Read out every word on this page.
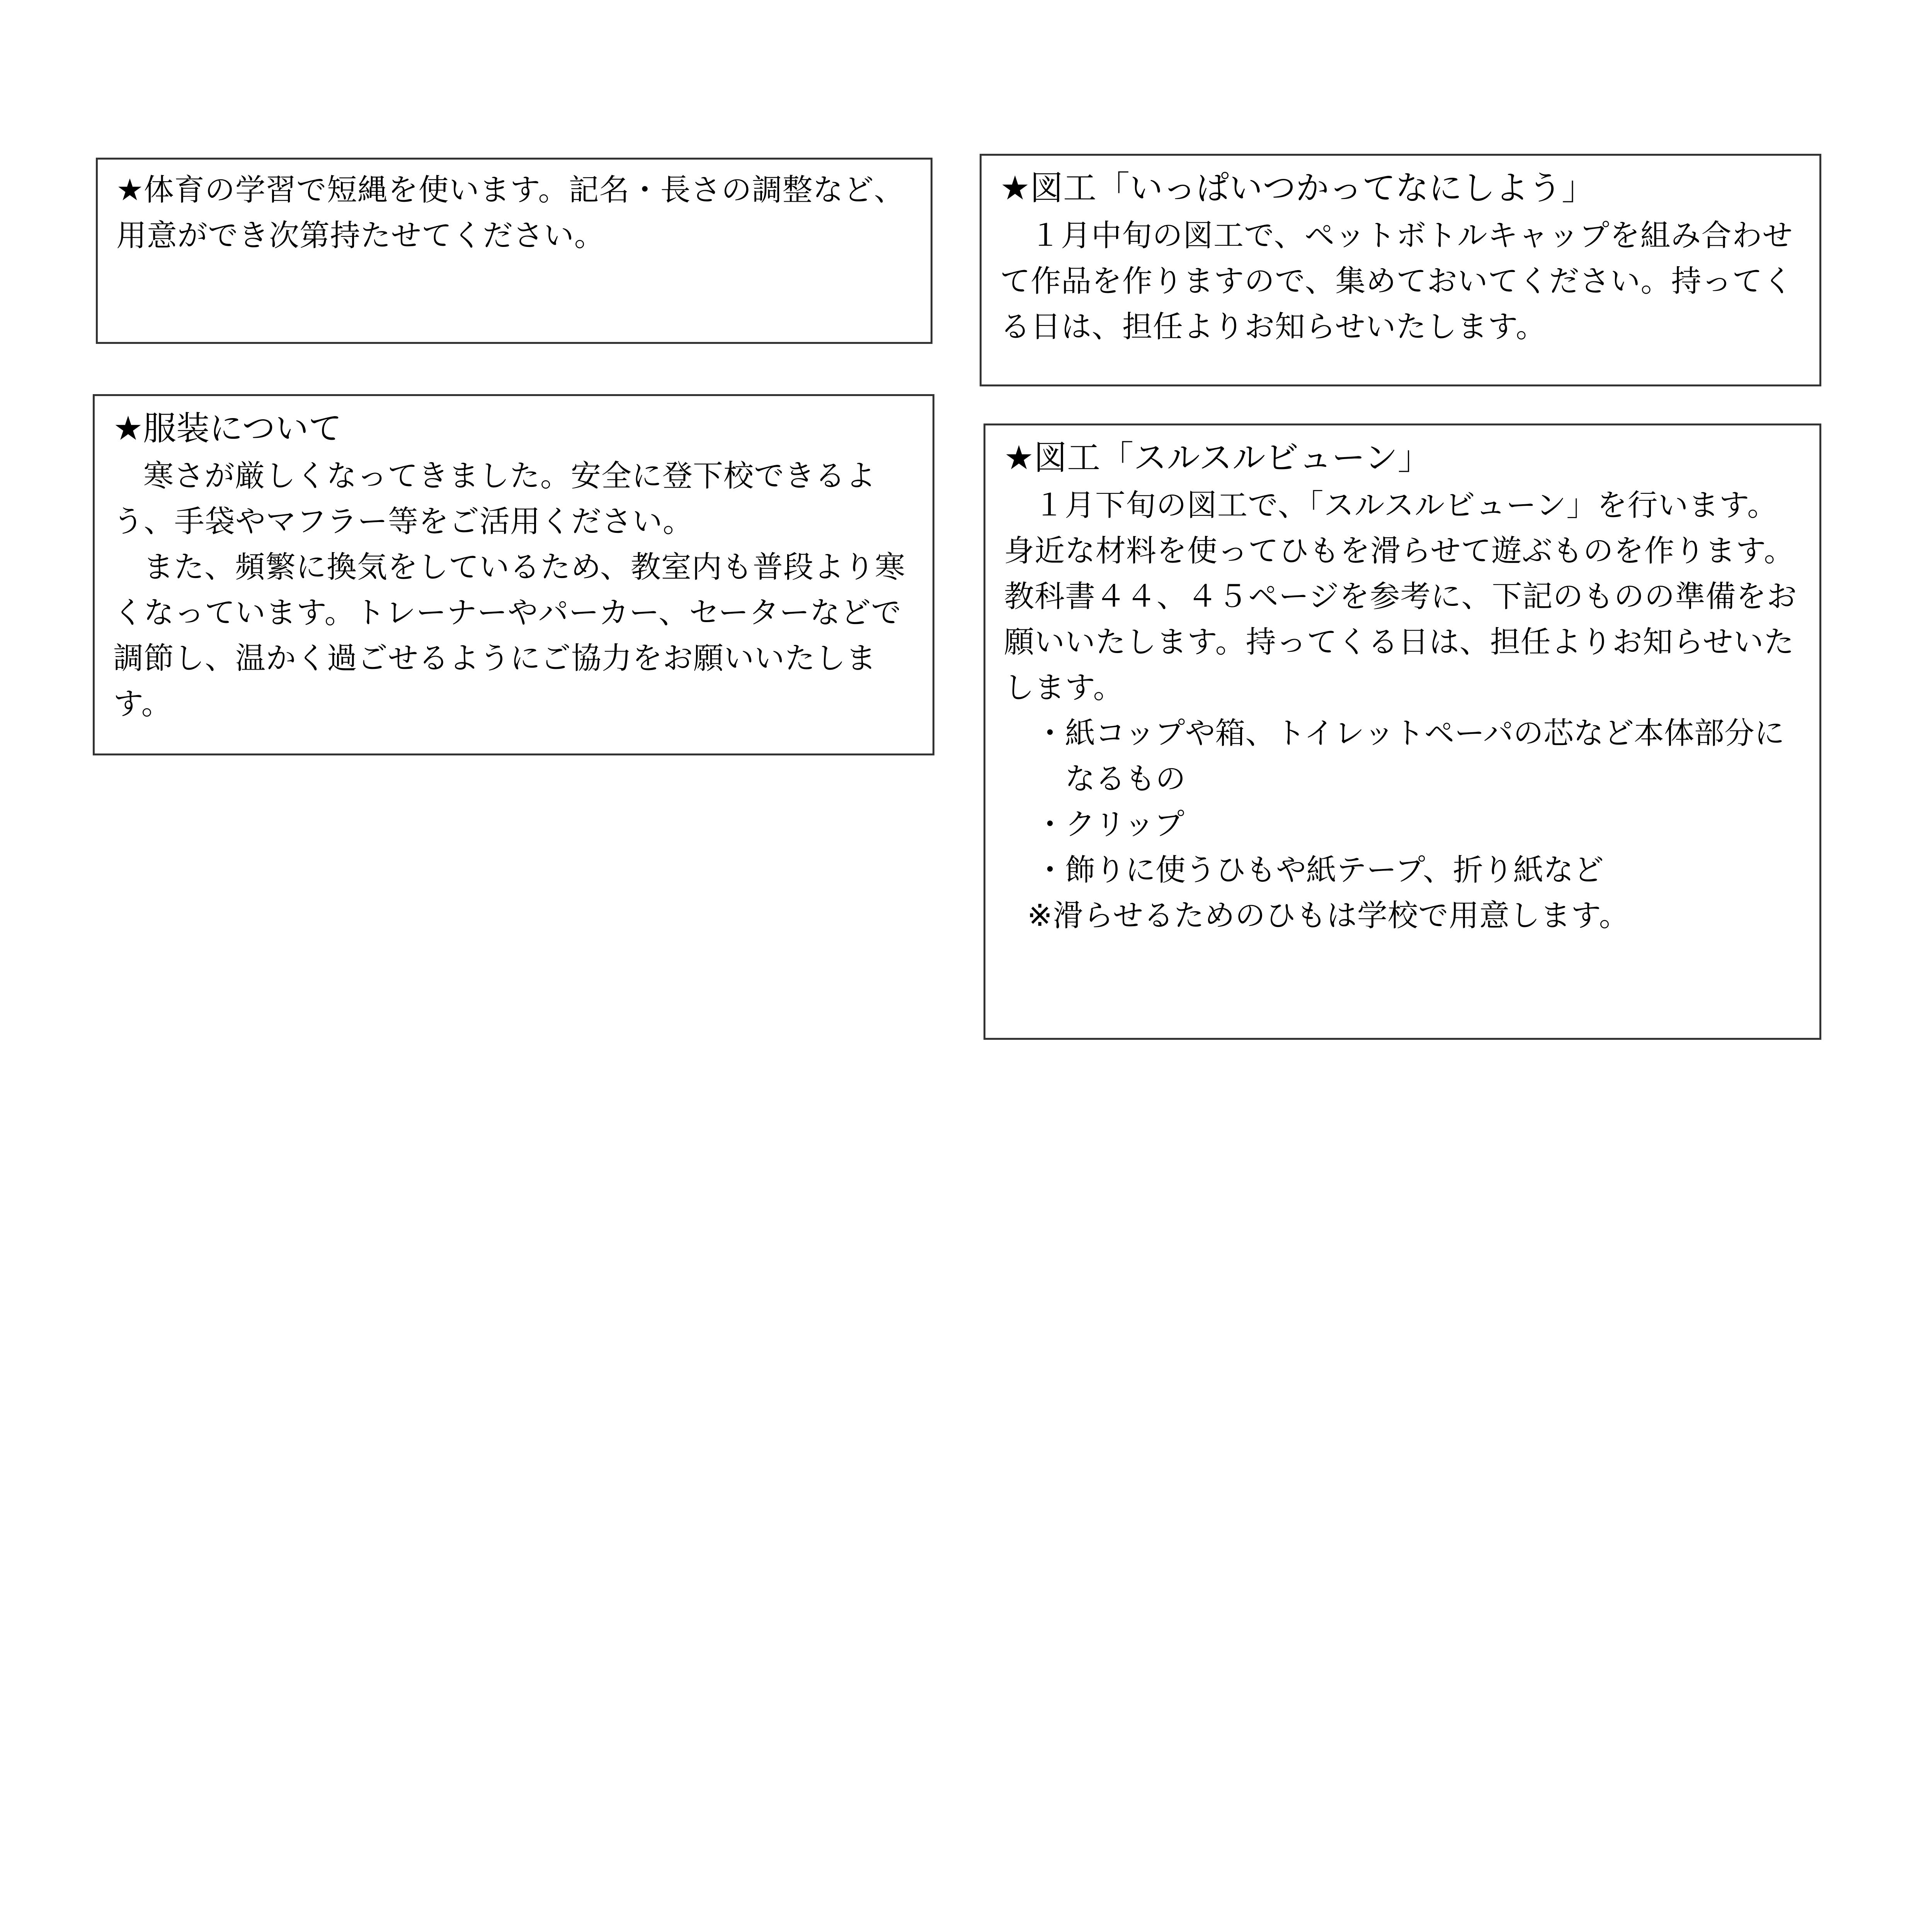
★体育の学習で短縄を使います。記名・長さの調整など、用意ができ次第持たせてください。

★服装について

寒さが厳しくなってきました。安全に登下校できるよう、手袋やマフラー等をご活用ください。

また、頻繁に換気をしているため、教室内も普段より寒くなっています。トレーナーやパーカー、セーターなどで調節し、温かく過ごせるようにご協力をお願いいたします。

★図工「いっぱいつかってなにしよう」

１月中旬の図工で、ペットボトルキャップを組み合わせて作品を作りますので、集めておいてください。持ってくる日は、担任よりお知らせいたします。

★図工「スルスルビューン」

１月下旬の図工で、「スルスルビューン」を行います。身近な材料を使ってひもを滑らせて遊ぶものを作ります。教科書４４、４５ページを参考に、下記のものの準備をお願いいたします。持ってくる日は、担任よりお知らせいたします。

・紙コップや箱、トイレットペーパの芯など本体部分になるもの
・クリップ
・飾りに使うひもや紙テープ、折り紙など

※滑らせるためのひもは学校で用意します。
